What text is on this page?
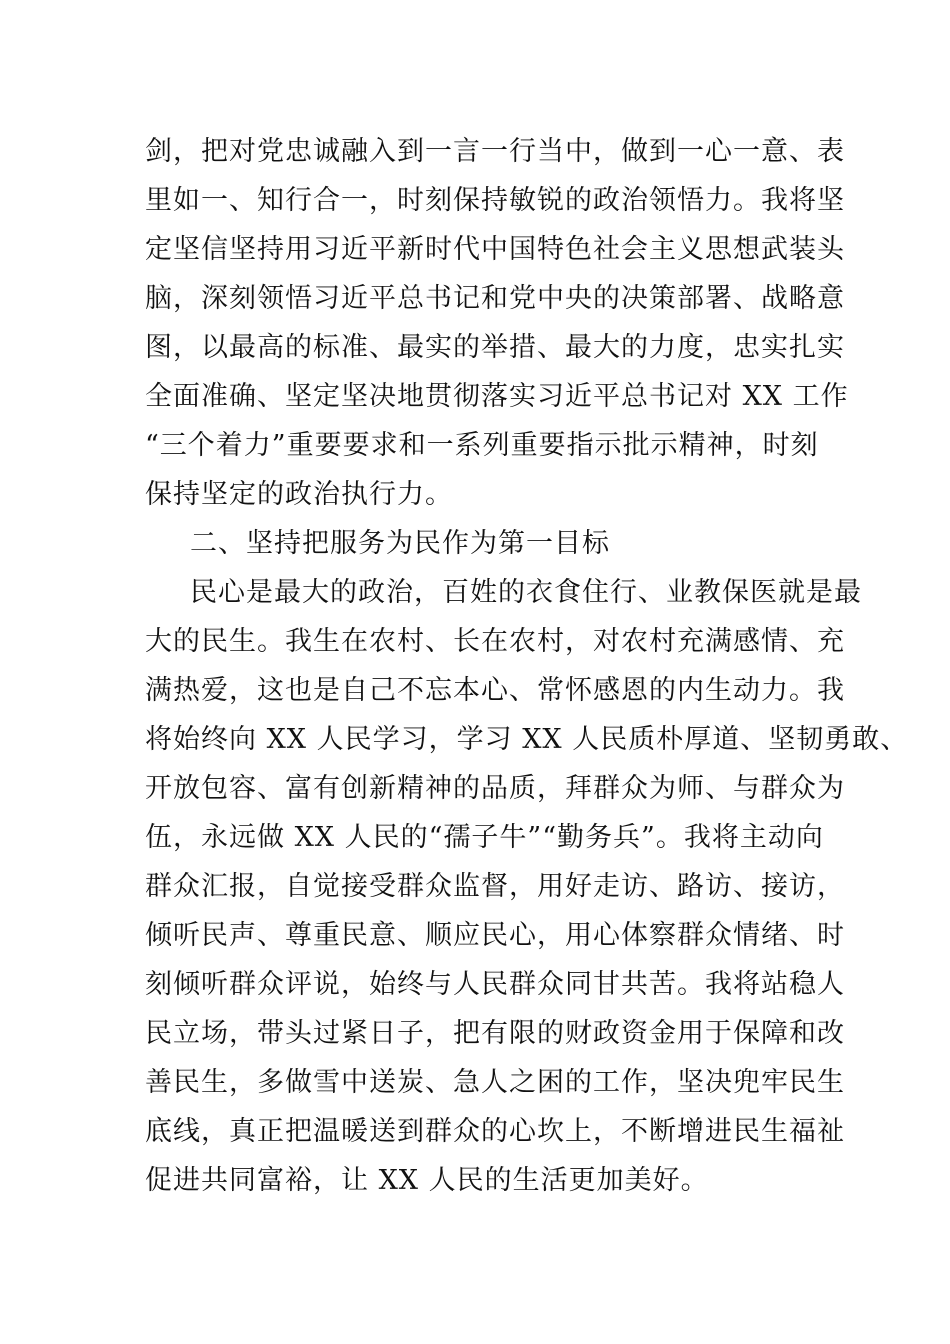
剑，把对党忠诚融入到一言一行当中，做到一心一意、表
里如一、知行合一，时刻保持敏锐的政治领悟力。我将坚
定坚信坚持用习近平新时代中国特色社会主义思想武装头
脑，深刻领悟习近平总书记和党中央的决策部署、战略意
图，以最高的标准、最实的举措、最大的力度，忠实扎实
全面准确、坚定坚决地贯彻落实习近平总书记对 XX 工作
“三个着力”重要要求和一系列重要指示批示精神，时刻
保持坚定的政治执行力。
二、坚持把服务为民作为第一目标
民心是最大的政治，百姓的衣食住行、业教保医就是最
大的民生。我生在农村、长在农村，对农村充满感情、充
满热爱，这也是自己不忘本心、常怀感恩的内生动力。我
将始终向 XX 人民学习，学习 XX 人民质朴厚道、坚韧勇敢、
开放包容、富有创新精神的品质，拜群众为师、与群众为
伍，永远做 XX 人民的“孺子牛”“勤务兵”。我将主动向
群众汇报，自觉接受群众监督，用好走访、路访、接访，
倾听民声、尊重民意、顺应民心，用心体察群众情绪、时
刻倾听群众评说，始终与人民群众同甘共苦。我将站稳人
民立场，带头过紧日子，把有限的财政资金用于保障和改
善民生，多做雪中送炭、急人之困的工作，坚决兜牢民生
底线，真正把温暖送到群众的心坎上，不断增进民生福祉
促进共同富裕，让 XX 人民的生活更加美好。
